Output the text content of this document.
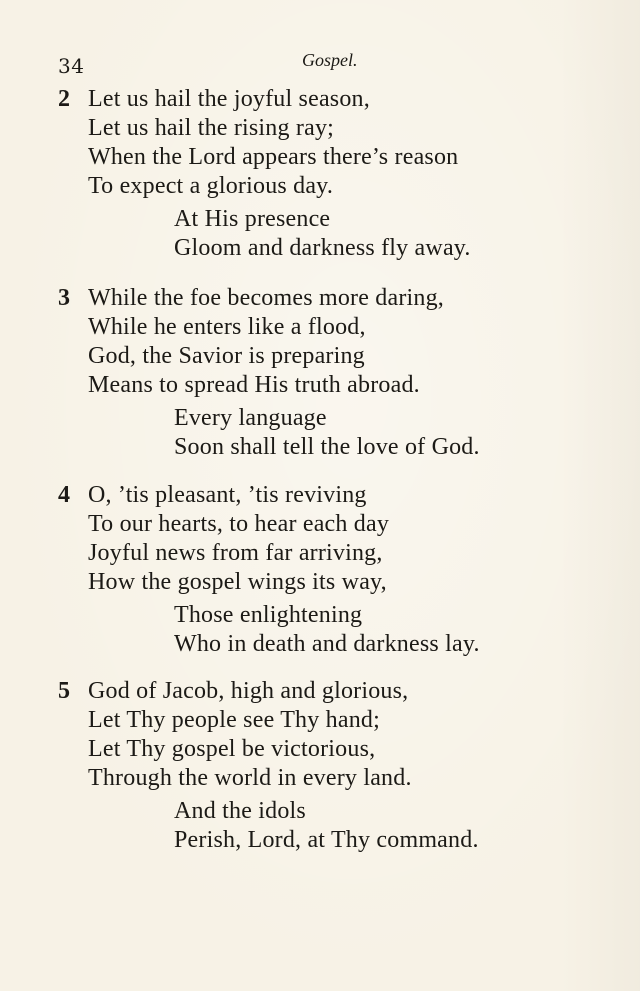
34	Gospel.
2 Let us hail the joyful season,
Let us hail the rising ray;
When the Lord appears there’s reason
To expect a glorious day.
At His presence
Gloom and darkness fly away.
3 While the foe becomes more daring,
While he enters like a flood,
God, the Savior is preparing
Means to spread His truth abroad.
Every language
Soon shall tell the love of God.
4 O, ’tis pleasant, ’tis reviving
To our hearts, to hear each day
Joyful news from far arriving,
How the gospel wings its way,
Those enlightening
Who in death and darkness lay.
5 God of Jacob, high and glorious,
Let Thy people see Thy hand;
Let Thy gospel be victorious,
Through the world in every land.
And the idols
Perish, Lord, at Thy command.
